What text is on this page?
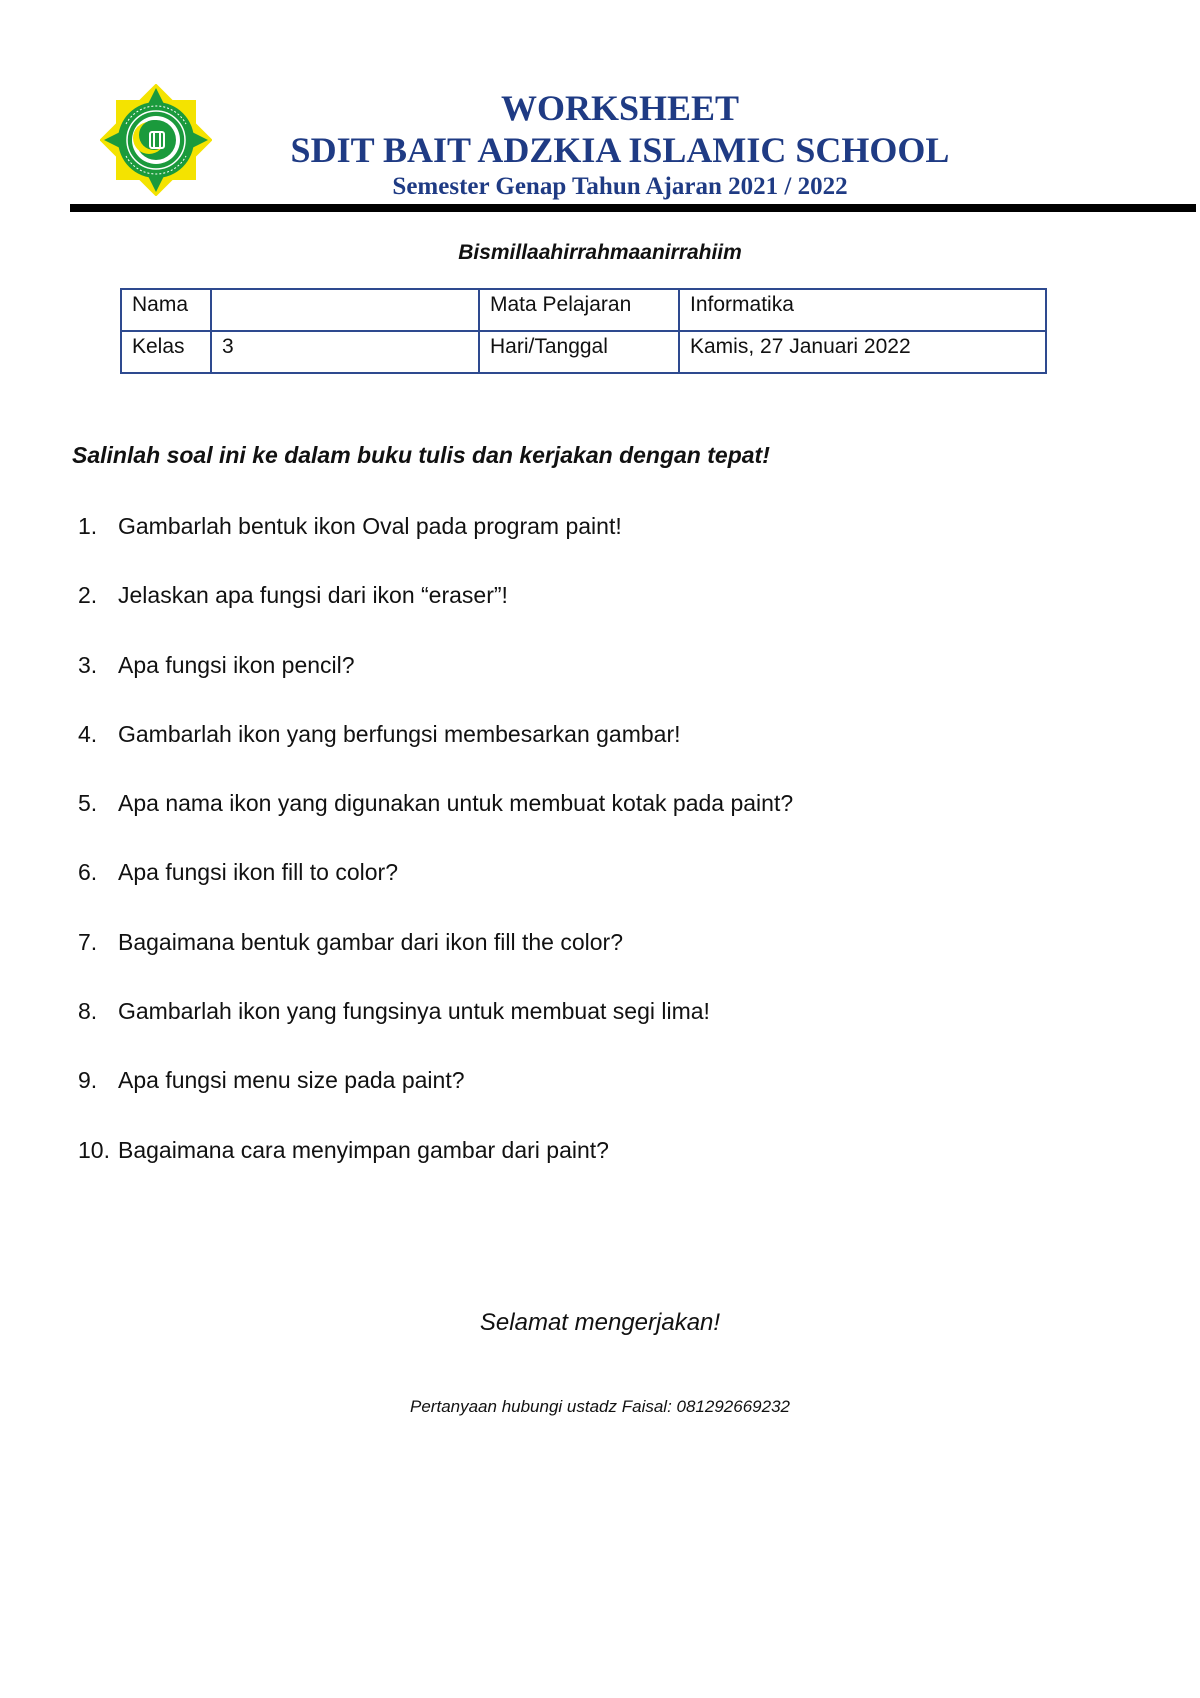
WORKSHEET
SDIT BAIT ADZKIA ISLAMIC SCHOOL
Semester Genap Tahun Ajaran 2021 / 2022
Bismillaahirrahmaanirrahiim
Nama		Mata Pelajaran	Informatika
Kelas	3	Hari/Tanggal	Kamis, 27 Januari 2022
Salinlah soal ini ke dalam buku tulis dan kerjakan dengan tepat!
1. Gambarlah bentuk ikon Oval pada program paint!
2. Jelaskan apa fungsi dari ikon “eraser”!
3. Apa fungsi ikon pencil?
4. Gambarlah ikon yang berfungsi membesarkan gambar!
5. Apa nama ikon yang digunakan untuk membuat kotak pada paint?
6. Apa fungsi ikon fill to color?
7. Bagaimana bentuk gambar dari ikon fill the color?
8. Gambarlah ikon yang fungsinya untuk membuat segi lima!
9. Apa fungsi menu size pada paint?
10. Bagaimana cara menyimpan gambar dari paint?
Selamat mengerjakan!
Pertanyaan hubungi ustadz Faisal: 081292669232
